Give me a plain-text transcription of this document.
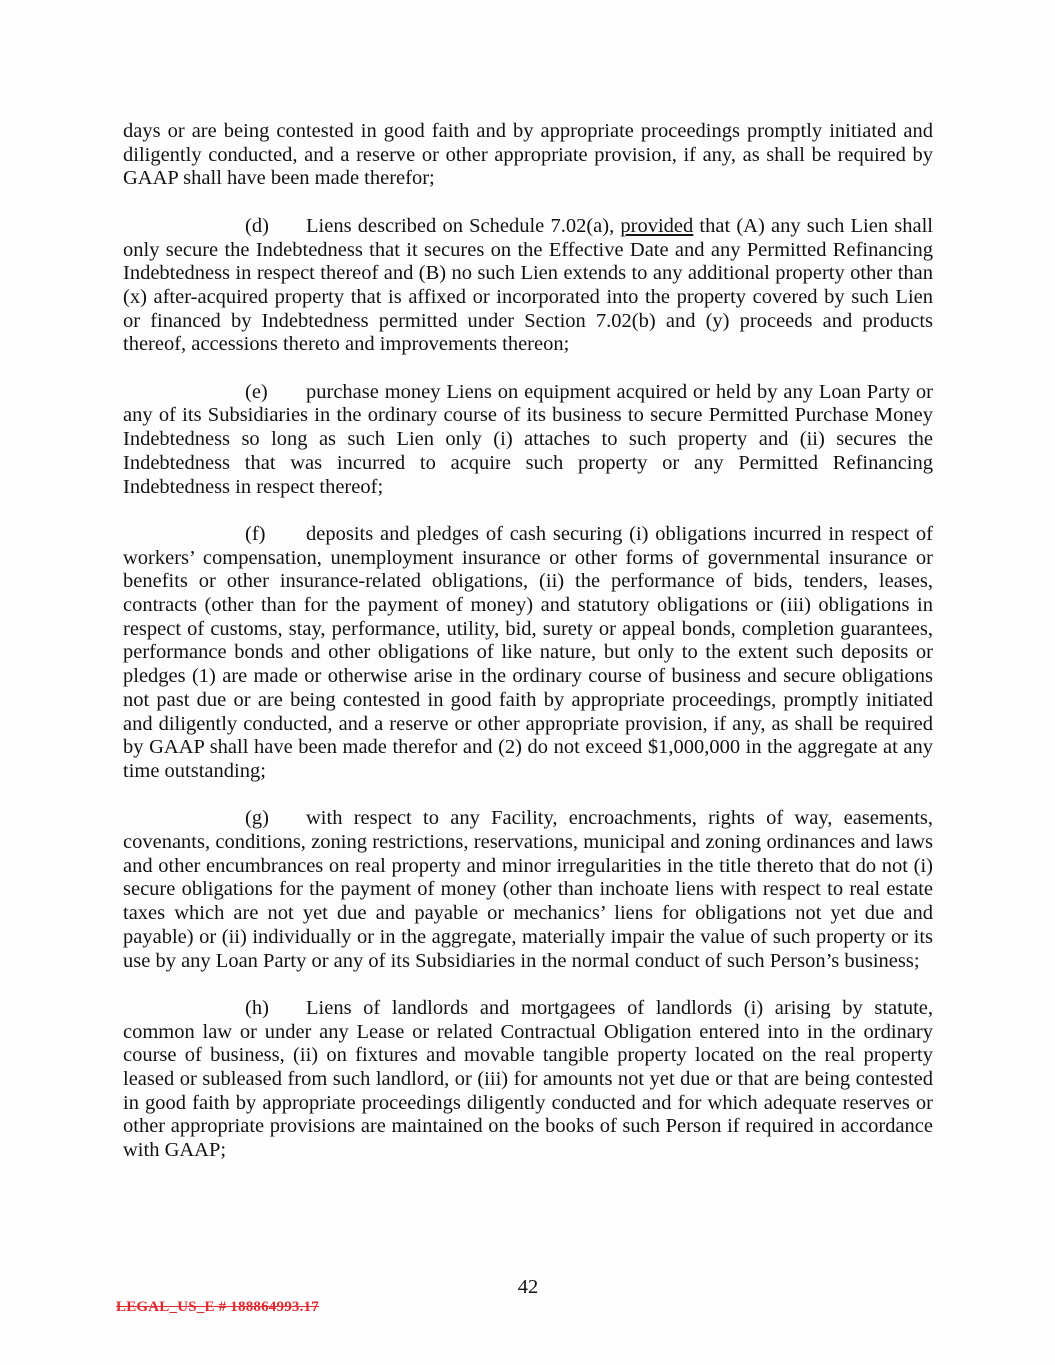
days or are being contested in good faith and by appropriate proceedings promptly initiated and diligently conducted, and a reserve or other appropriate provision, if any, as shall be required by GAAP shall have been made therefor;

(d) Liens described on Schedule 7.02(a), provided that (A) any such Lien shall only secure the Indebtedness that it secures on the Effective Date and any Permitted Refinancing Indebtedness in respect thereof and (B) no such Lien extends to any additional property other than (x) after-acquired property that is affixed or incorporated into the property covered by such Lien or financed by Indebtedness permitted under Section 7.02(b) and (y) proceeds and products thereof, accessions thereto and improvements thereon;

(e) purchase money Liens on equipment acquired or held by any Loan Party or any of its Subsidiaries in the ordinary course of its business to secure Permitted Purchase Money Indebtedness so long as such Lien only (i) attaches to such property and (ii) secures the Indebtedness that was incurred to acquire such property or any Permitted Refinancing Indebtedness in respect thereof;

(f) deposits and pledges of cash securing (i) obligations incurred in respect of workers’ compensation, unemployment insurance or other forms of governmental insurance or benefits or other insurance-related obligations, (ii) the performance of bids, tenders, leases, contracts (other than for the payment of money) and statutory obligations or (iii) obligations in respect of customs, stay, performance, utility, bid, surety or appeal bonds, completion guarantees, performance bonds and other obligations of like nature, but only to the extent such deposits or pledges (1) are made or otherwise arise in the ordinary course of business and secure obligations not past due or are being contested in good faith by appropriate proceedings, promptly initiated and diligently conducted, and a reserve or other appropriate provision, if any, as shall be required by GAAP shall have been made therefor and (2) do not exceed $1,000,000 in the aggregate at any time outstanding;

(g) with respect to any Facility, encroachments, rights of way, easements, covenants, conditions, zoning restrictions, reservations, municipal and zoning ordinances and laws and other encumbrances on real property and minor irregularities in the title thereto that do not (i) secure obligations for the payment of money (other than inchoate liens with respect to real estate taxes which are not yet due and payable or mechanics’ liens for obligations not yet due and payable) or (ii) individually or in the aggregate, materially impair the value of such property or its use by any Loan Party or any of its Subsidiaries in the normal conduct of such Person’s business;

(h) Liens of landlords and mortgagees of landlords (i) arising by statute, common law or under any Lease or related Contractual Obligation entered into in the ordinary course of business, (ii) on fixtures and movable tangible property located on the real property leased or subleased from such landlord, or (iii) for amounts not yet due or that are being contested in good faith by appropriate proceedings diligently conducted and for which adequate reserves or other appropriate provisions are maintained on the books of such Person if required in accordance with GAAP;

42
LEGAL_US_E # 188864993.17
